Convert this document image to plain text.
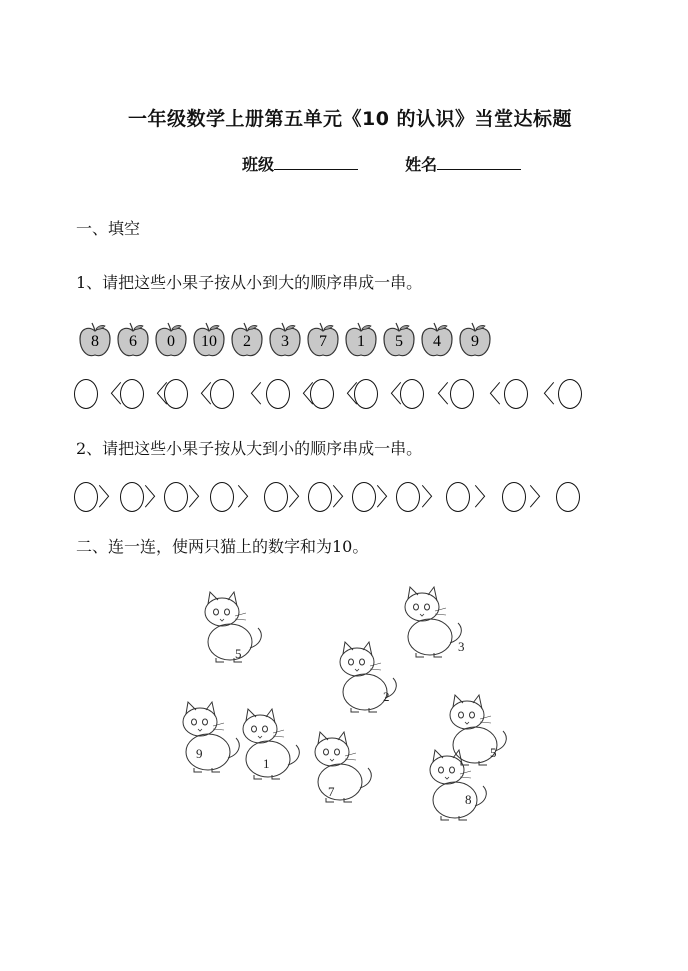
一年级数学上册第五单元《10 的认识》当堂达标题
班级	姓名
一、填空
1、请把这些小果子按从小到大的顺序串成一串。
8	6	0	10	2	3	7	1	5	4	9
〈 〈 〈 〈 〈 〈 〈 〈 〈 〈
2、请把这些小果子按从大到小的顺序串成一串。
〉 〉 〉 〉 〉 〉 〉 〉 〉 〉
二、连一连，使两只猫上的数字和为10。
5	3
2
9
1
5
7
8
